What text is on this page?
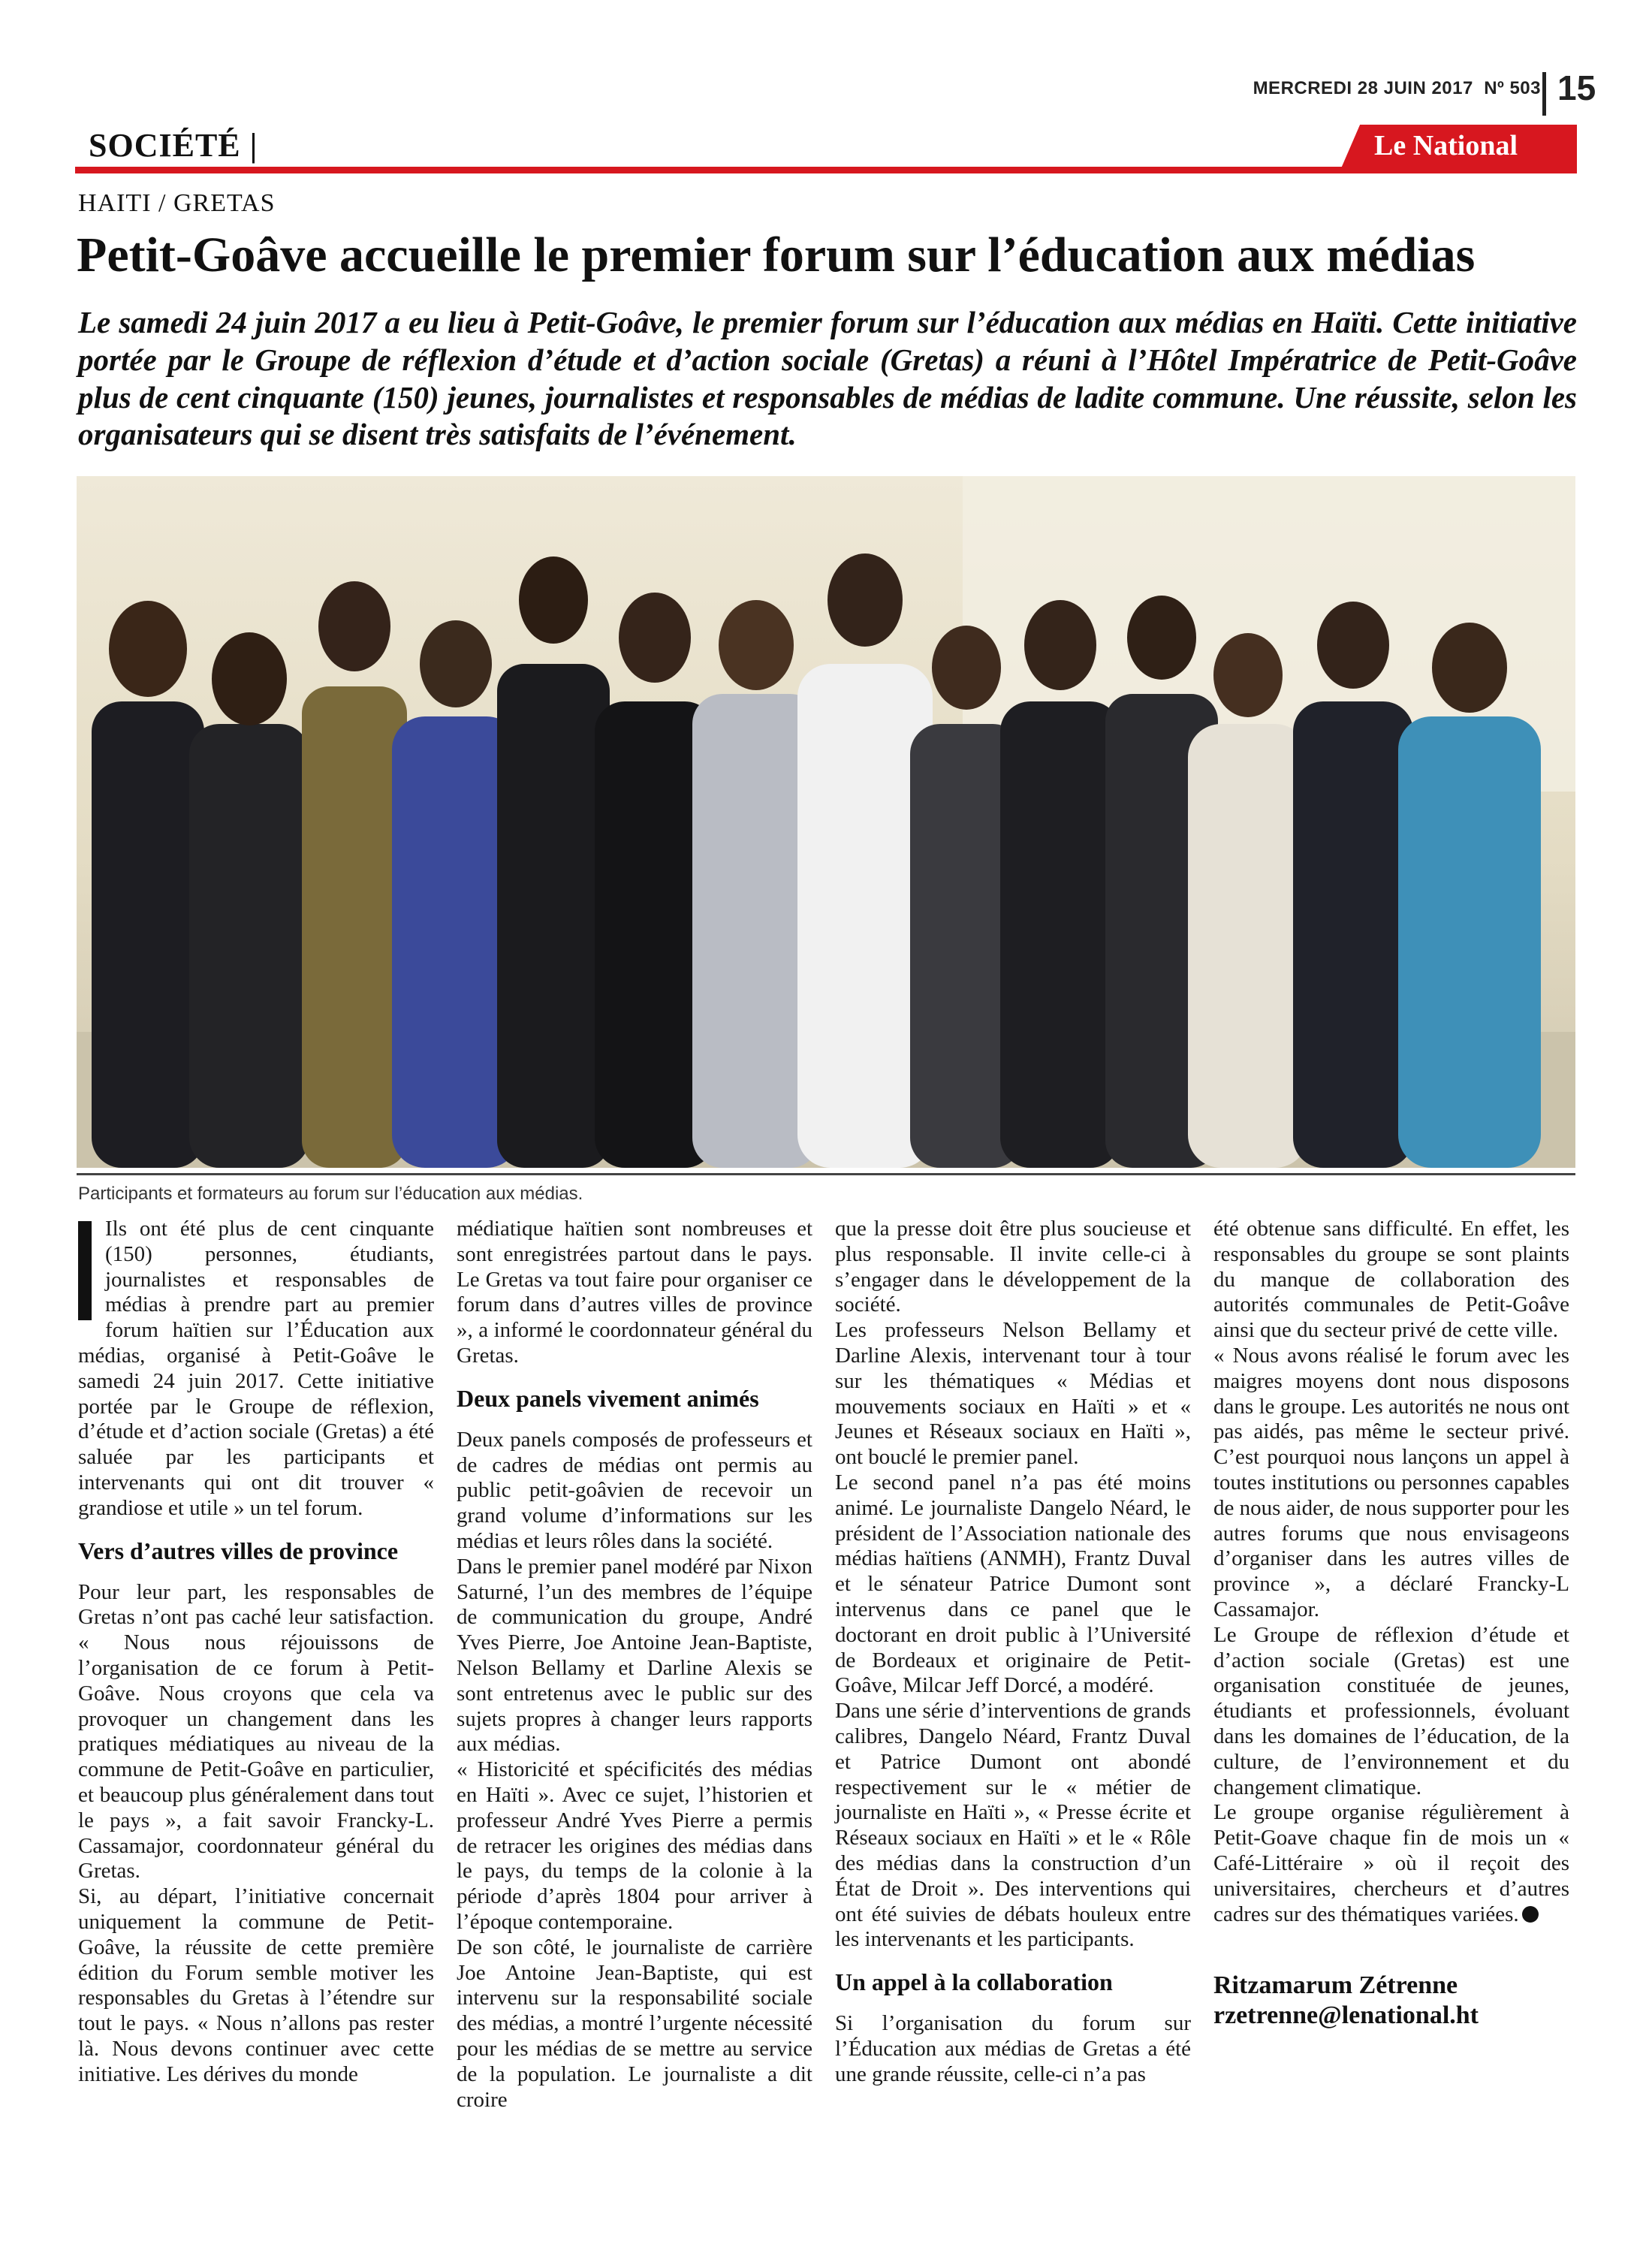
MERCREDI 28 JUIN 2017 Nº 503 15
SOCIÉTÉ |	Le National
HAITI / GRETAS
Petit-Goâve accueille le premier forum sur l’éducation aux médias
Le samedi 24 juin 2017 a eu lieu à Petit-Goâve, le premier forum sur l’éducation aux médias en Haïti. Cette initiative portée par le Groupe de réflexion d’étude et d’action sociale (Gretas) a réuni à l’Hôtel Impératrice de Petit-Goâve plus de cent cinquante (150) jeunes, journalistes et responsables de médias de ladite commune. Une réussite, selon les organisateurs qui se disent très satisfaits de l’événement.
Participants et formateurs au forum sur l’éducation aux médias.

Ils ont été plus de cent cinquante (150) personnes, étudiants, journalistes et responsables de médias à prendre part au premier forum haïtien sur l’Éducation aux médias, organisé à Petit-Goâve le samedi 24 juin 2017. Cette initiative portée par le Groupe de réflexion, d’étude et d’action sociale (Gretas) a été saluée par les participants et intervenants qui ont dit trouver « grandiose et utile » un tel forum.

Vers d’autres villes de province

Pour leur part, les responsables de Gretas n’ont pas caché leur satisfaction. « Nous nous réjouissons de l’organisation de ce forum à Petit-Goâve. Nous croyons que cela va provoquer un changement dans les pratiques médiatiques au niveau de la commune de Petit-Goâve en particulier, et beaucoup plus généralement dans tout le pays », a fait savoir Francky-L. Cassamajor, coordonnateur général du Gretas.

Si, au départ, l’initiative concernait uniquement la commune de Petit-Goâve, la réussite de cette première édition du Forum semble motiver les responsables du Gretas à l’étendre sur tout le pays. « Nous n’allons pas rester là. Nous devons continuer avec cette initiative. Les dérives du monde

médiatique haïtien sont nombreuses et sont enregistrées partout dans le pays. Le Gretas va tout faire pour organiser ce forum dans d’autres villes de province », a informé le coordonnateur général du Gretas.

Deux panels vivement animés

Deux panels composés de professeurs et de cadres de médias ont permis au public petit-goâvien de recevoir un grand volume d’informations sur les médias et leurs rôles dans la société.

Dans le premier panel modéré par Nixon Saturné, l’un des membres de l’équipe de communication du groupe, André Yves Pierre, Joe Antoine Jean-Baptiste, Nelson Bellamy et Darline Alexis se sont entretenus avec le public sur des sujets propres à changer leurs rapports aux médias.

« Historicité et spécificités des médias en Haïti ». Avec ce sujet, l’historien et professeur André Yves Pierre a permis de retracer les origines des médias dans le pays, du temps de la colonie à la période d’après 1804 pour arriver à l’époque contemporaine.

De son côté, le journaliste de carrière Joe Antoine Jean-Baptiste, qui est intervenu sur la responsabilité sociale des médias, a montré l’urgente nécessité pour les médias de se mettre au service de la population. Le journaliste a dit croire

que la presse doit être plus soucieuse et plus responsable. Il invite celle-ci à s’engager dans le développement de la société.

Les professeurs Nelson Bellamy et Darline Alexis, intervenant tour à tour sur les thématiques « Médias et mouvements sociaux en Haïti » et « Jeunes et Réseaux sociaux en Haïti », ont bouclé le premier panel.

Le second panel n’a pas été moins animé. Le journaliste Dangelo Néard, le président de l’Association nationale des médias haïtiens (ANMH), Frantz Duval et le sénateur Patrice Dumont sont intervenus dans ce panel que le doctorant en droit public à l’Université de Bordeaux et originaire de Petit-Goâve, Milcar Jeff Dorcé, a modéré.

Dans une série d’interventions de grands calibres, Dangelo Néard, Frantz Duval et Patrice Dumont ont abondé respectivement sur le « métier de journaliste en Haïti », « Presse écrite et Réseaux sociaux en Haïti » et le « Rôle des médias dans la construction d’un État de Droit ». Des interventions qui ont été suivies de débats houleux entre les intervenants et les participants.

Un appel à la collaboration

Si l’organisation du forum sur l’Éducation aux médias de Gretas a été une grande réussite, celle-ci n’a pas

été obtenue sans difficulté. En effet, les responsables du groupe se sont plaints du manque de collaboration des autorités communales de Petit-Goâve ainsi que du secteur privé de cette ville.

« Nous avons réalisé le forum avec les maigres moyens dont nous disposons dans le groupe. Les autorités ne nous ont pas aidés, pas même le secteur privé. C’est pourquoi nous lançons un appel à toutes institutions ou personnes capables de nous aider, de nous supporter pour les autres forums que nous envisageons d’organiser dans les autres villes de province », a déclaré Francky-L Cassamajor.

Le Groupe de réflexion d’étude et d’action sociale (Gretas) est une organisation constituée de jeunes, étudiants et professionnels, évoluant dans les domaines de l’éducation, de la culture, de l’environnement et du changement climatique.

Le groupe organise régulièrement à Petit-Goave chaque fin de mois un « Café-Littéraire » où il reçoit des universitaires, chercheurs et d’autres cadres sur des thématiques variées.

Ritzamarum Zétrenne
rzetrenne@lenational.ht
